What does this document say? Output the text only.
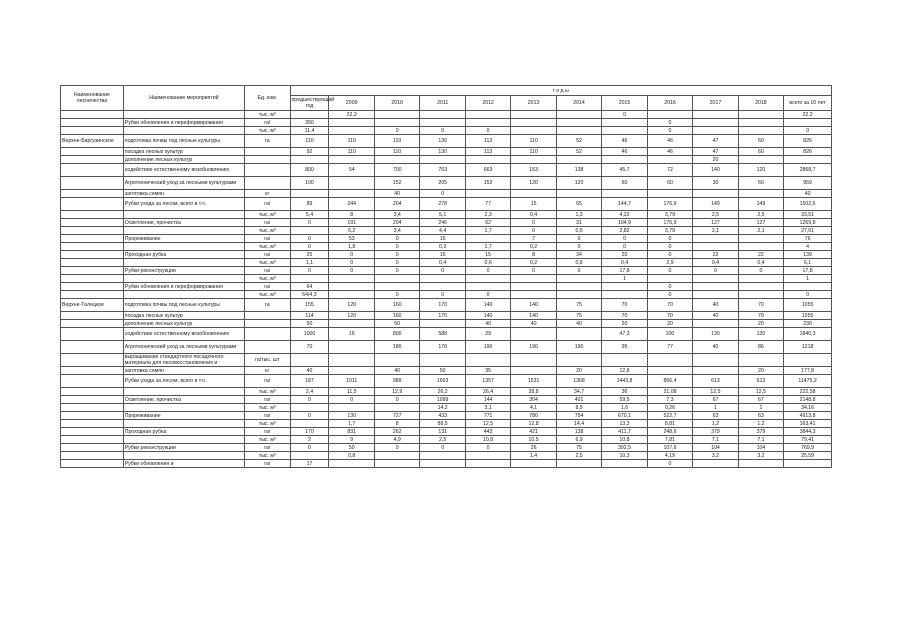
Наименование лесничества	Наименование мероприятий	Ед. изм.	г о д ы											
			предшествующий год	2009	2010	2011	2012	2013	2014	2015	2016	2017	2018	всего за 10 лет
		тыс. м³		22,2						0				22,2
	Рубки обновления и переформирования	га/	350								0			
		тыс. м³	11,4		0	0	0				0			0
Верхне-Баргузинское	подготовка почвы под лесные культуры	га	110	110	110	130	113	110	52	46	46	47	60	826
	посадка лесных культур		92	110	110	130	113	110	52	46	46	47	60	826
	дополнение лесных культур											20		
	содействие естественному возобновлению		800	54	700	763	663	153	138	45,7	72	140	120	2868,7
	Агротехнический уход за лесными культурами		100		152	205	152	120	120	60	60	30	60	959
	заготовка семян	кг			40	0								40
	Рубки ухода за лесом, всего в т.ч.	га/	89	244	204	278	77	15	65	144,7	176,9	149	149	1502,6
		тыс. м³	5,4	8	3,4	5,1	2,3	0,4	1,3	4,22	3,79	2,5	2,5	33,51
	Осветление, прочистка	га/	0	191	204	246	62	0	31	104,9	176,9	127	127	1269,8
		тыс. м³		6,2	3,4	4,4	1,7	0	0,5	2,82	3,79	2,1	2,1	27,01
	Прореживание	га/	0	53	0	16		7	0	0	0			76
		тыс. м³	0	1,8	0	0,3	1,7	0,2	0	0	0			4
	Проходная рубка	га/	25	0	0	16	15	8	34	20	0	22	22	139
		тыс. м³	1,1	0	0	0,4	0,6	0,2	0,8	0,4	2,9	0,4	0,4	6,1
	Рубки реконструкции	га/	0	0	0	0	0	0	0	17,8	0	0	0	17,8
		тыс. м³								1				1
	Рубки обновления и переформирования	га/	64								0			
		тыс. м³	64/4,3		0	0	0				0			0
Верхне-Талецкое	подготовка почвы под лесные культуры	га	155	120	160	170	140	140	75	70	70	40	70	1055
	посадка лесных культур		114	120	160	170	140	140	75	70	70	40	70	1055
	дополнение лесных культур		50		50		40	40	40	20	20		20	230
	содействие естественному возобновлению		1000	16	800	588	29			47,3	100	130	130	1840,3
	Агротехнический уход за лесными культурами		70		180	170	190	190	190	95	77	40	86	1218
	выращивание стандартного посадочного материала для лесовосстановления и	га/тыс. шт												
	заготовка семян	кг	40		40	50	35		20	12,8			20	177,8
	Рубки ухода за лесом, всего в т.ч.	га/	187	1011	989	1663	1357	1531	1368	1443,8	866,4	613	613	11475,2
		тыс. м³	2,4	11,5	12,9	26,2	26,4	28,8	34,7	36	21,08	12,5	12,5	222,58
	Осветление, прочистка	га/	0	0	0	1099	144	304	401	59,5	7,3	67	67	2148,8
		тыс. м³				14,2	3,1	4,1	8,9	1,6	0,26	1	1	34,16
	Прореживание	га/	0	130	727	433	771	780	754	670,1	522,7	63	63	4913,8
		тыс. м³		1,7	8	89,5	12,5	12,8	14,4	13,3	8,81	1,2	1,2	163,41
	Проходная рубка	га/	170	831	262	131	443	421	138	411,7	248,6	379	379	3844,3
		тыс. м³	2	9	4,9	2,5	10,8	10,5	6,9	10,8	7,81	7,1	7,1	79,41
	Рубки реконструкции	га/	0	50	0	0	0	26	75	392,5	107,6	104	104	769,9
		тыс. м³		0,8				1,4	2,5	10,3	4,19	3,2	3,2	25,59
	Рубки обновления и	га/	17								0			
